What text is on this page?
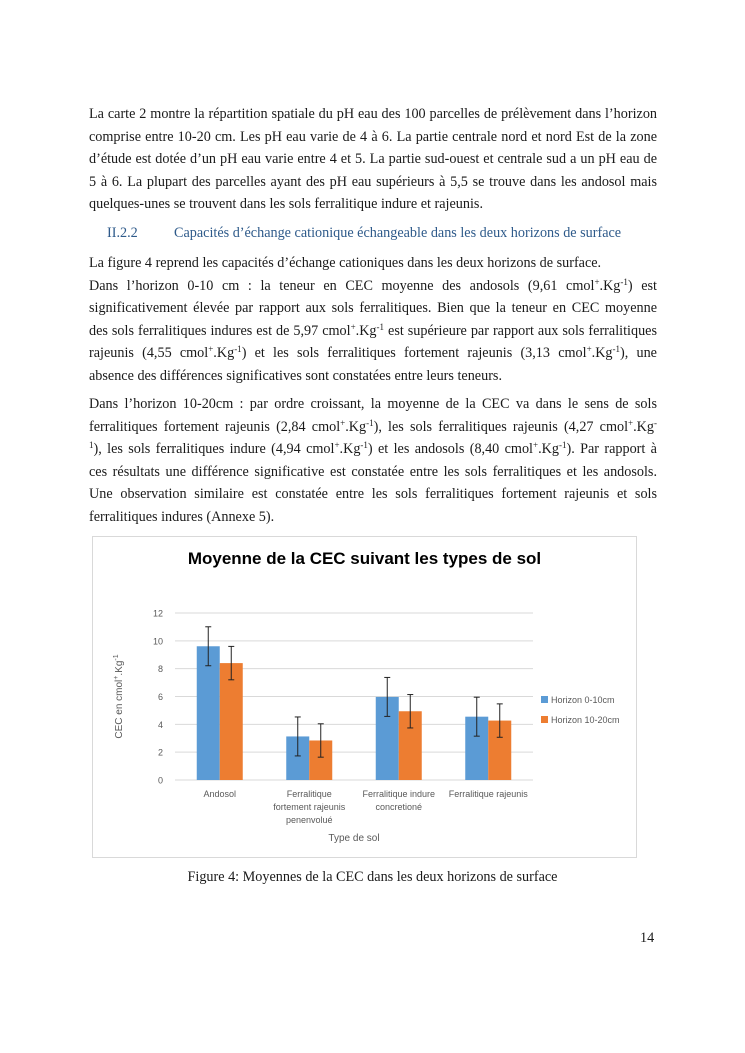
La carte 2 montre la répartition spatiale du pH eau des 100 parcelles de prélèvement dans l’horizon
comprise entre 10-20 cm. Les pH eau varie de 4 à 6. La partie centrale nord et nord Est de la zone
d’étude est dotée d’un pH eau varie entre 4 et 5. La partie sud-ouest et centrale sud a un pH eau de
5 à 6. La plupart des parcelles ayant des pH eau supérieurs à 5,5 se trouve dans les andosol mais
quelques-unes se trouvent dans les sols ferralitique indure et rajeunis.
II.2.2	Capacités d’échange cationique échangeable dans les deux horizons de surface
La figure 4 reprend les capacités d’échange cationiques dans les deux horizons de surface.
Dans l’horizon 0-10 cm : la teneur en CEC moyenne des andosols (9,61 $cmol^+.Kg^{-1}$) est
significativement élevée par rapport aux sols ferralitiques. Bien que la teneur en CEC moyenne
des sols ferralitiques indures est de 5,97 $cmol^+.Kg^{-1}$ est supérieure par rapport aux sols ferralitiques
rajeunis (4,55 $cmol^+.Kg^{-1}$) et les sols ferralitiques fortement rajeunis (3,13 $cmol^+.Kg^{-1}$), une
absence des différences significatives sont constatées entre leurs teneurs.
Dans l’horizon 10-20cm : par ordre croissant, la moyenne de la CEC va dans le sens de sols
ferralitiques fortement rajeunis (2,84 $cmol^+.Kg^{-1}$), les sols ferralitiques rajeunis (4,27 cmol+.Kg-
$^1$), les sols ferralitiques indure (4,94 $cmol^+.Kg^{-1}$) et les andosols (8,40 $cmol^+.Kg^{-1}$). Par rapport à
ces résultats une différence significative est constatée entre les sols ferralitiques et les andosols.
Une observation similaire est constatée entre les sols ferralitiques fortement rajeunis et sols
ferralitiques indures (Annexe 5).
Moyenne de la CEC suivant les types de sol
0
2
4
6
8
10
12
CEC en $cmol^+.Kg^{-1}$
Andosol	Ferralitique
fortement rajeunis
penenvolué
Ferralitique indure
concretioné
Ferralitique rajeunis
Type de sol
Horizon 0-10cm
Horizon 10-20cm
Figure 4: Moyennes de la CEC dans les deux horizons de surface
14
